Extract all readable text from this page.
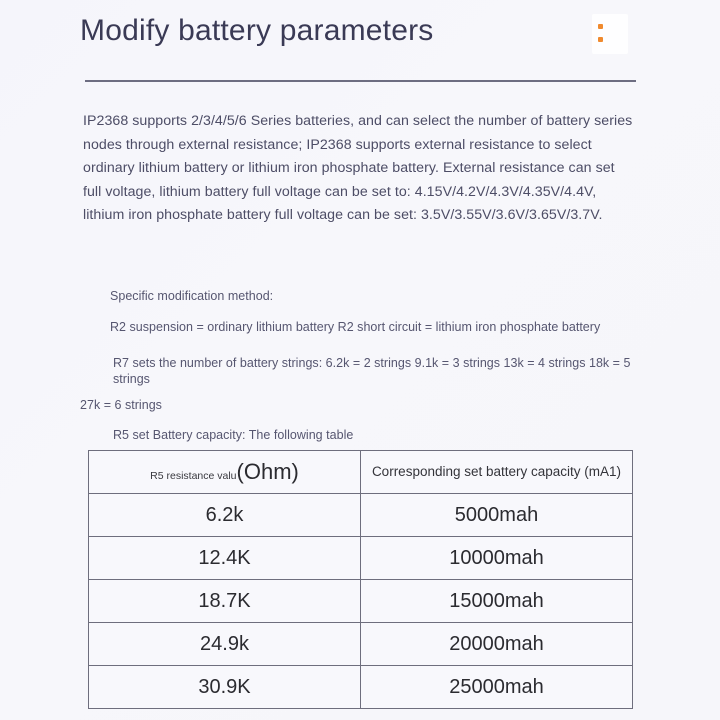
Modify battery parameters
IP2368 supports 2/3/4/5/6 Series batteries, and can select the number of battery series nodes through external resistance; IP2368 supports external resistance to select ordinary lithium battery or lithium iron phosphate battery. External resistance can set full voltage, lithium battery full voltage can be set to: 4.15V/4.2V/4.3V/4.35V/4.4V, lithium iron phosphate battery full voltage can be set: 3.5V/3.55V/3.6V/3.65V/3.7V.

Specific modification method:
R2 suspension = ordinary lithium battery R2 short circuit = lithium iron phosphate battery
R7 sets the number of battery strings: 6.2k = 2 strings 9.1k = 3 strings 13k = 4 strings 18k = 5 strings
27k = 6 strings
R5 set Battery capacity: The following table
R5 resistance valu(Ohm)	Corresponding set battery capacity (mA1)
6.2k	5000mah
12.4K	10000mah
18.7K	15000mah
24.9k	20000mah
30.9K	25000mah
